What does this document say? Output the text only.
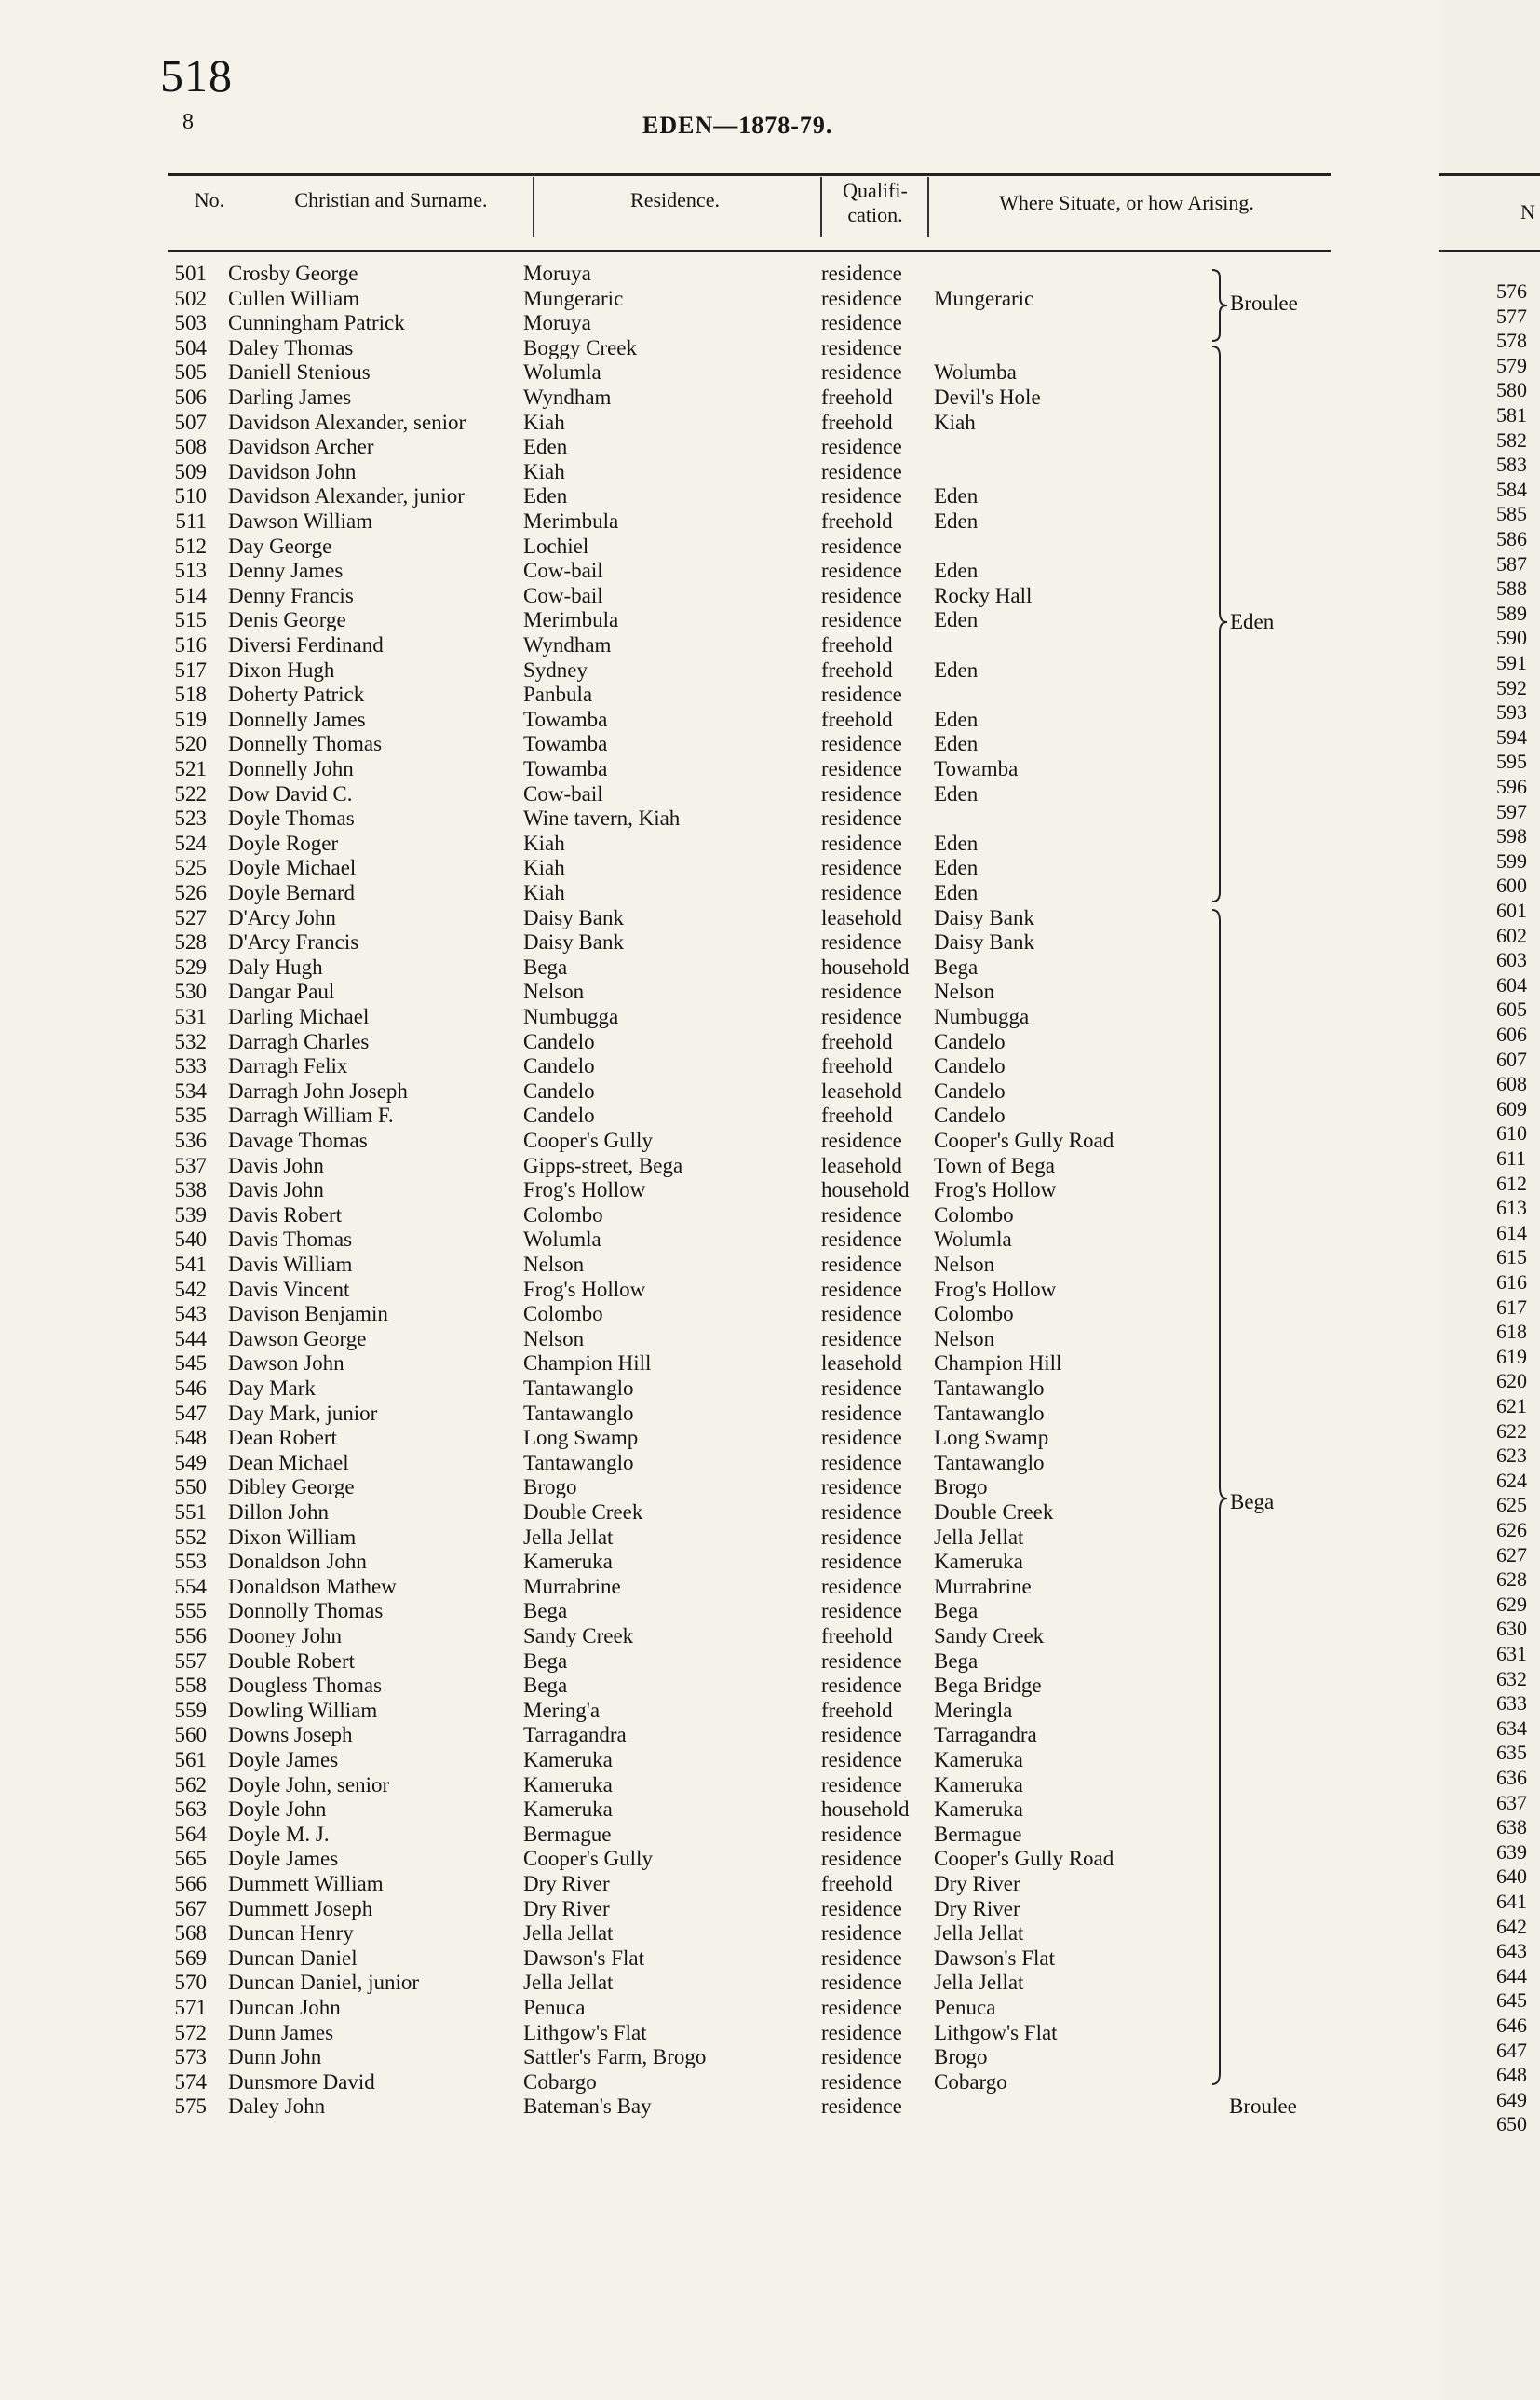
518
8	EDEN—1878-79.
No.	Christian and Surname.	Residence.	Qualifi-
cation.
Where Situate, or how Arising.
501 Crosby George	Moruya	residence
502 Cullen William	Mungeraric	residence Mungeraric
503 Cunningham Patrick	Moruya	residence
504 Daley Thomas	Boggy Creek	residence
505 Daniell Stenious	Wolumla	residence Wolumba
506 Darling James	Wyndham	freehold Devil's Hole
507 Davidson Alexander, senior	Kiah	freehold Kiah
508 Davidson Archer	Eden	residence
509 Davidson John	Kiah	residence
510 Davidson Alexander, junior	Eden	residence Eden
511 Dawson William	Merimbula	freehold Eden
512 Day George	Lochiel	residence
513 Denny James	Cow-bail	residence Eden
514 Denny Francis	Cow-bail	residence Rocky Hall
515 Denis George	Merimbula	residence Eden
516 Diversi Ferdinand	Wyndham	freehold
517 Dixon Hugh	Sydney	freehold Eden
518 Doherty Patrick	Panbula	residence
519 Donnelly James	Towamba	freehold Eden
520 Donnelly Thomas	Towamba	residence Eden
521 Donnelly John	Towamba	residence Towamba
522 Dow David C.	Cow-bail	residence Eden
523 Doyle Thomas	Wine tavern, Kiah	residence
524 Doyle Roger	Kiah	residence Eden
525 Doyle Michael	Kiah	residence Eden
526 Doyle Bernard	Kiah	residence Eden
527 D'Arcy John	Daisy Bank	leasehold Daisy Bank
528 D'Arcy Francis	Daisy Bank	residence Daisy Bank
529 Daly Hugh	Bega	household Bega
530 Dangar Paul	Nelson	residence Nelson
531 Darling Michael	Numbugga	residence Numbugga
532 Darragh Charles	Candelo	freehold Candelo
533 Darragh Felix	Candelo	freehold Candelo
534 Darragh John Joseph	Candelo	leasehold Candelo
535 Darragh William F.	Candelo	freehold Candelo
536 Davage Thomas	Cooper's Gully	residence Cooper's Gully Road
537 Davis John	Gipps-street, Bega	leasehold Town of Bega
538 Davis John	Frog's Hollow	household Frog's Hollow
539 Davis Robert	Colombo	residence Colombo
540 Davis Thomas	Wolumla	residence Wolumla
541 Davis William	Nelson	residence Nelson
542 Davis Vincent	Frog's Hollow	residence Frog's Hollow
543 Davison Benjamin	Colombo	residence Colombo
544 Dawson George	Nelson	residence Nelson
545 Dawson John	Champion Hill	leasehold Champion Hill
546 Day Mark	Tantawanglo	residence Tantawanglo
547 Day Mark, junior	Tantawanglo	residence Tantawanglo
548 Dean Robert	Long Swamp	residence Long Swamp
549 Dean Michael	Tantawanglo	residence Tantawanglo
550 Dibley George	Brogo	residence Brogo
551 Dillon John	Double Creek	residence Double Creek
552 Dixon William	Jella Jellat	residence Jella Jellat
553 Donaldson John	Kameruka	residence Kameruka
554 Donaldson Mathew	Murrabrine	residence Murrabrine
555 Donnolly Thomas	Bega	residence Bega
556 Dooney John	Sandy Creek	freehold Sandy Creek
557 Double Robert	Bega	residence Bega
558 Dougless Thomas	Bega	residence Bega Bridge
559 Dowling William	Mering'a	freehold Meringla
560 Downs Joseph	Tarragandra	residence Tarragandra
561 Doyle James	Kameruka	residence Kameruka
562 Doyle John, senior	Kameruka	residence Kameruka
563 Doyle John	Kameruka	household Kameruka
564 Doyle M. J.	Bermague	residence Bermague
565 Doyle James	Cooper's Gully	residence Cooper's Gully Road
566 Dummett William	Dry River	freehold Dry River
567 Dummett Joseph	Dry River	residence Dry River
568 Duncan Henry	Jella Jellat	residence Jella Jellat
569 Duncan Daniel	Dawson's Flat	residence Dawson's Flat
570 Duncan Daniel, junior	Jella Jellat	residence Jella Jellat
571 Duncan John	Penuca	residence Penuca
572 Dunn James	Lithgow's Flat	residence Lithgow's Flat
573 Dunn John	Sattler's Farm, Brogo	residence Brogo
574 Dunsmore David	Cobargo	residence Cobargo
575 Daley John	Bateman's Bay	residence
Broulee
Eden
Bega
Broulee
N
576
577
578
579
580
581
582
583
584
585
586
587
588
589
590
591
592
593
594
595
596
597
598
599
600
601
602
603
604
605
606
607
608
609
610
611
612
613
614
615
616
617
618
619
620
621
622
623
624
625
626
627
628
629
630
631
632
633
634
635
636
637
638
639
640
641
642
643
644
645
646
647
648
649
650
